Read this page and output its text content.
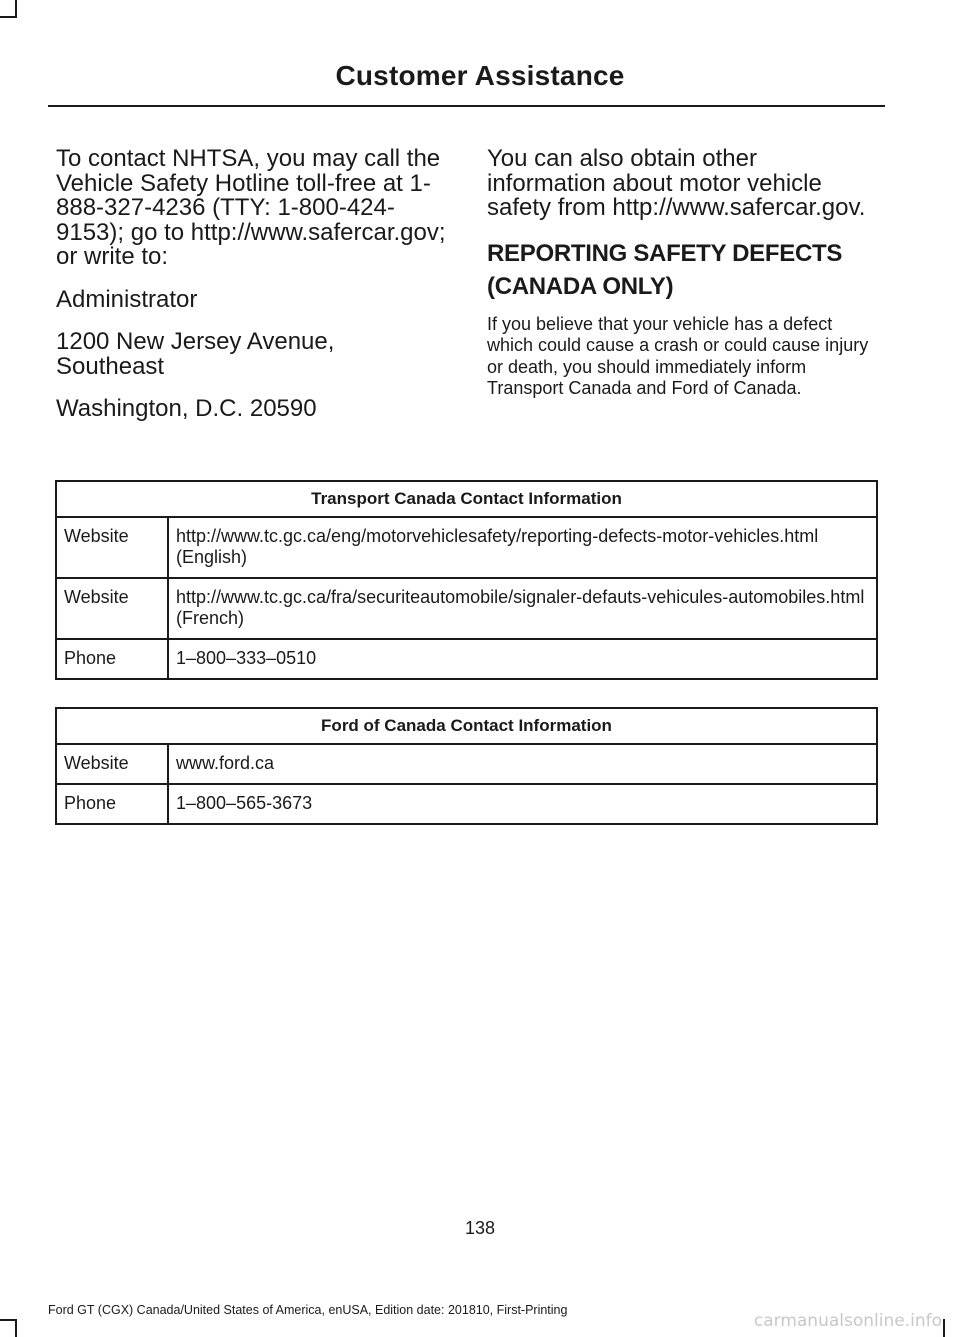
Customer Assistance

To contact NHTSA, you may call the Vehicle Safety Hotline toll-free at 1-888-327-4236 (TTY: 1-800-424-9153); go to http://www.safercar.gov; or write to:

Administrator

1200 New Jersey Avenue, Southeast

Washington, D.C. 20590

You can also obtain other information about motor vehicle safety from http://www.safercar.gov.

REPORTING SAFETY DEFECTS
(CANADA ONLY)

If you believe that your vehicle has a defect which could cause a crash or could cause injury or death, you should immediately inform Transport Canada and Ford of Canada.

Transport Canada Contact Information	
Website	http://www.tc.gc.ca/eng/motorvehiclesafety/reporting-defects-motor-vehicles.html (English)
Website	http://www.tc.gc.ca/fra/securiteautomobile/signaler-defauts-vehicules-automobiles.html (French)
Phone	1–800–333–0510
Ford of Canada Contact Information	
Website	www.ford.ca
Phone	1–800–565-3673
138
Ford GT (CGX) Canada/United States of America, enUSA, Edition date: 201810, First-Printing
carmanualsonline.info
